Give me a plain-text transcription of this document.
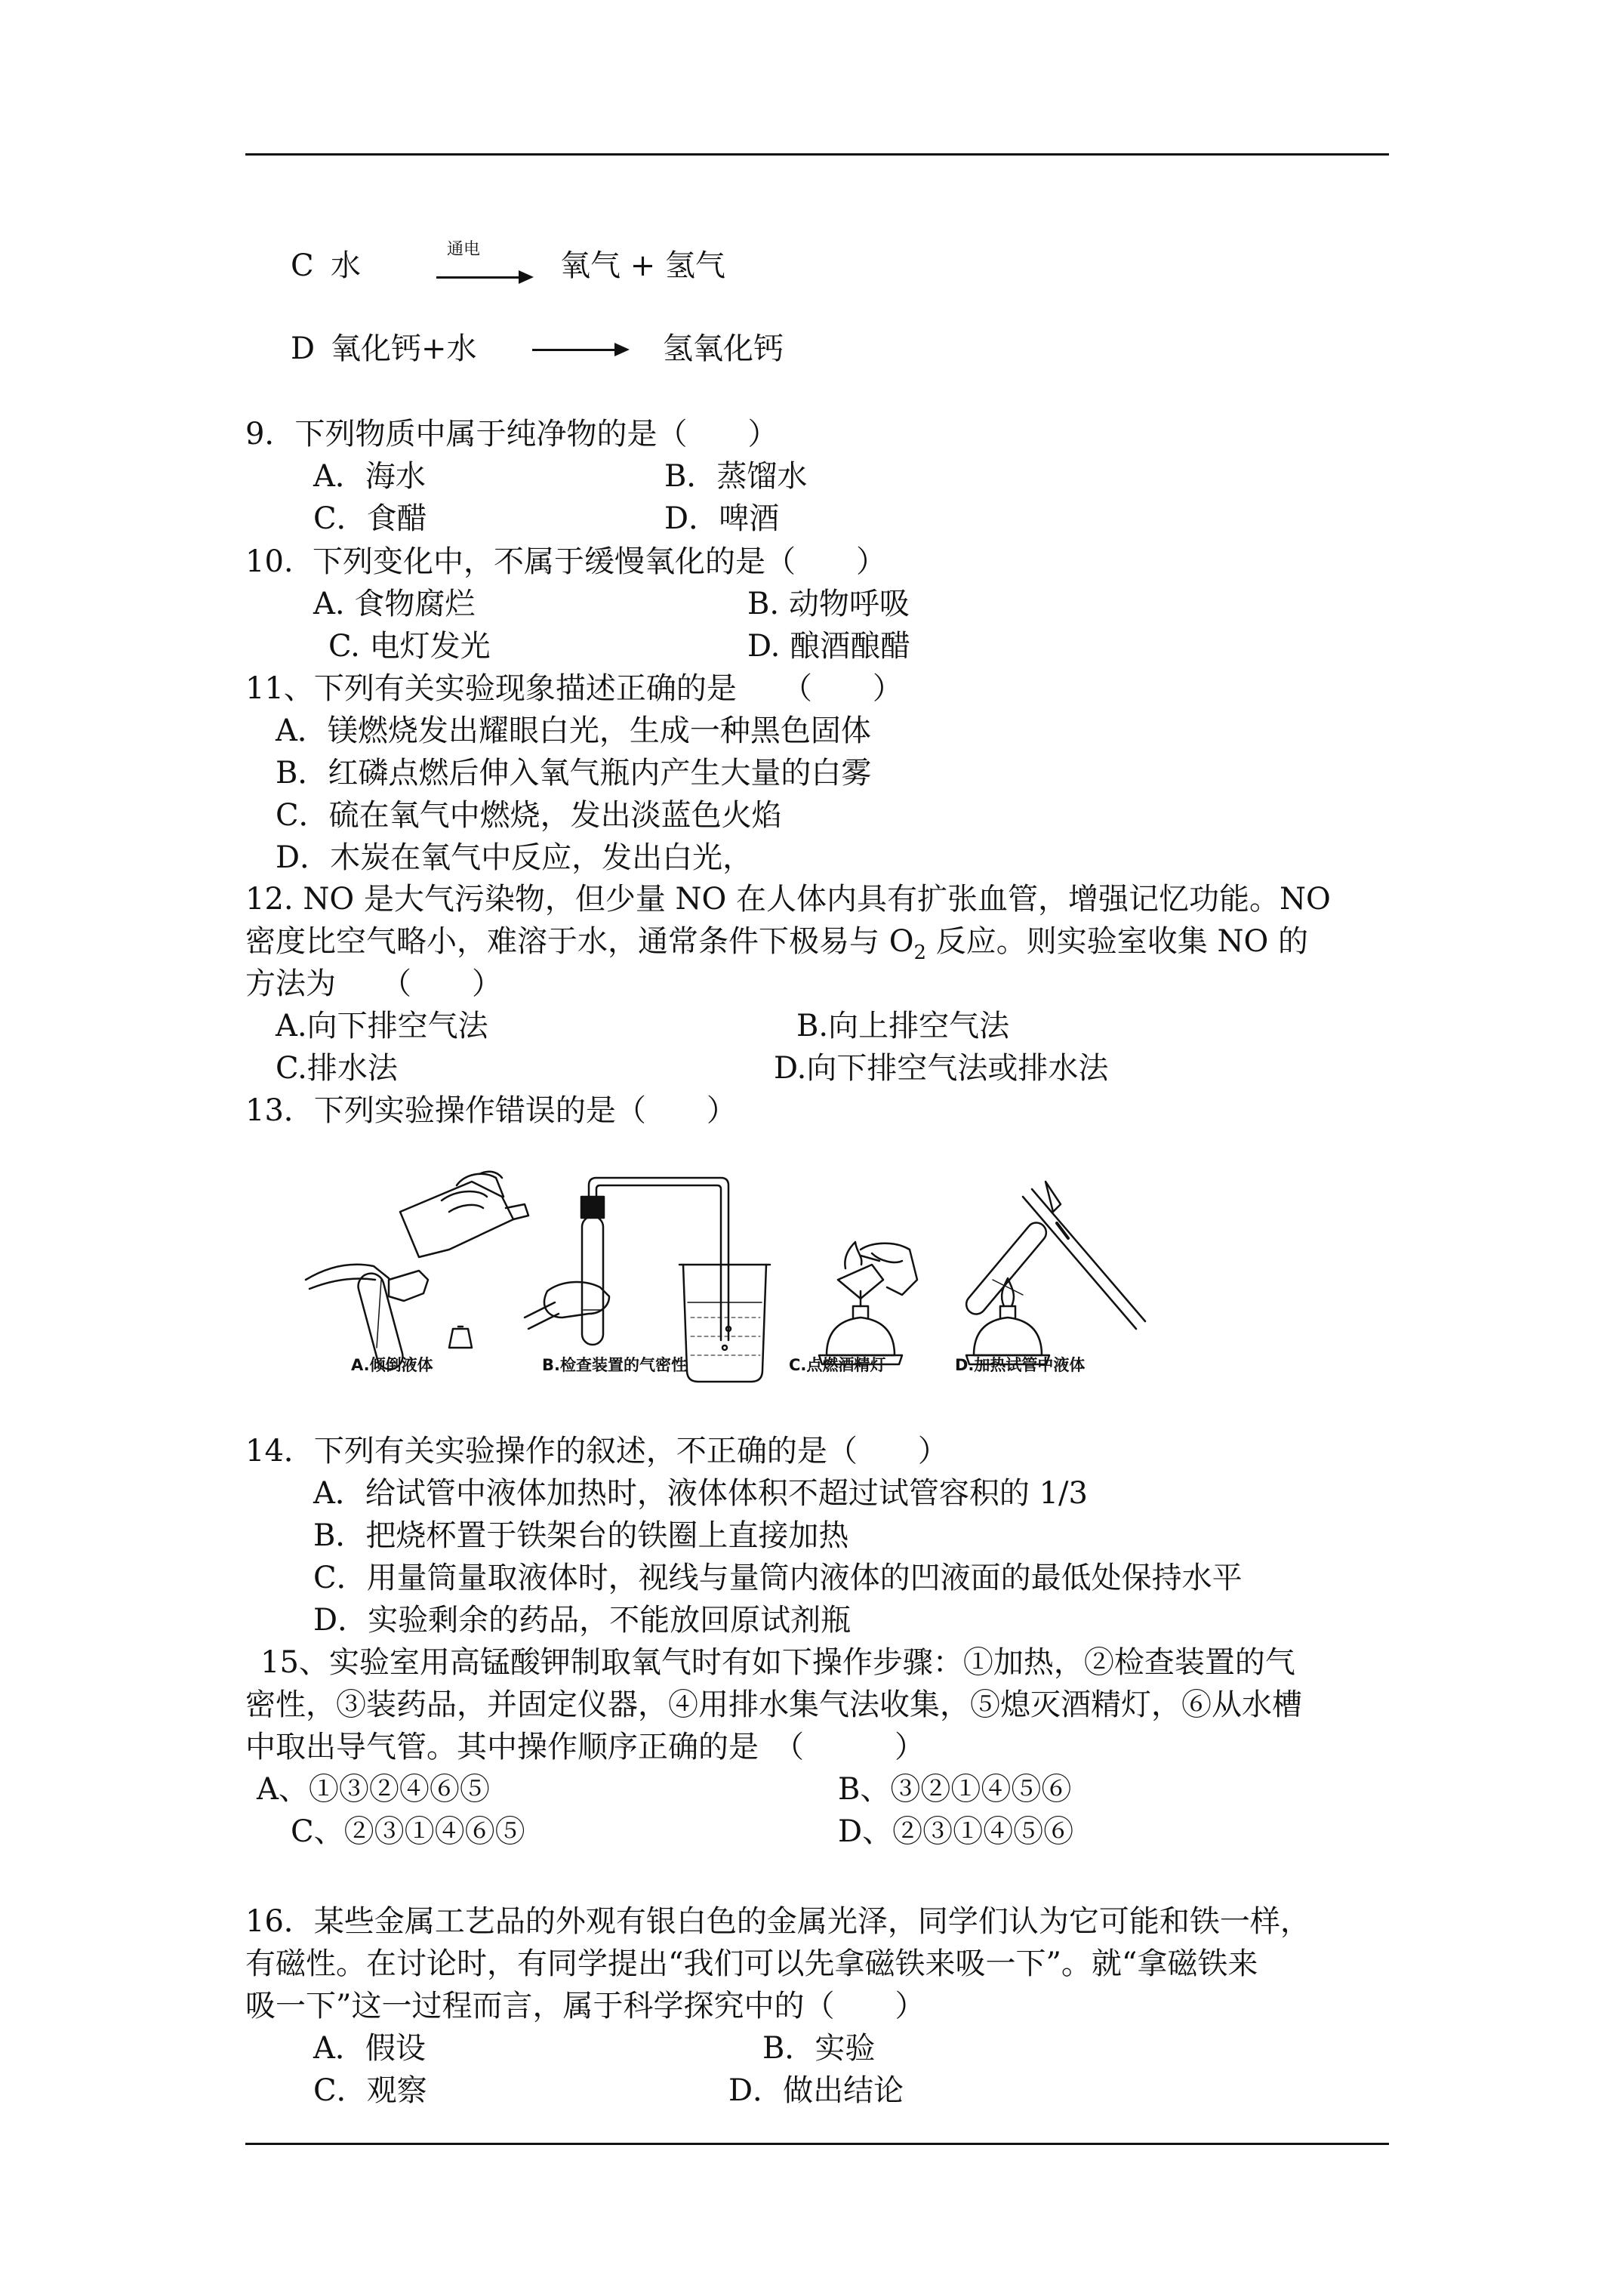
C 水	通电	氧气 + 氢气
D 氧化钙+水	氢氧化钙
9．下列物质中属于纯净物的是（　　）
A．海水	B．蒸馏水
C．食醋	D．啤酒
10.  下列变化中，不属于缓慢氧化的是（　　）
A. 食物腐烂	B. 动物呼吸
C. 电灯发光	D. 酿酒酿醋
11、下列有关实验现象描述正确的是　　（　　）
A．镁燃烧发出耀眼白光，生成一种黑色固体
B．红磷点燃后伸入氧气瓶内产生大量的白雾
C．硫在氧气中燃烧，发出淡蓝色火焰
D．木炭在氧气中反应，发出白光，
12. NO 是大气污染物，但少量 NO 在人体内具有扩张血管，增强记忆功能。NO
密度比空气略小，难溶于水，通常条件下极易与 $O_2$ 反应。则实验室收集 NO 的
方法为　　（　　）
A.向下排空气法	B.向上排空气法
C.排水法	D.向下排空气法或排水法
13．下列实验操作错误的是（　　）
A.倾倒液体	B.检查装置的气密性	C.点燃酒精灯	D.加热试管中液体
14．下列有关实验操作的叙述，不正确的是（　　）
A．给试管中液体加热时，液体体积不超过试管容积的 1/3
B．把烧杯置于铁架台的铁圈上直接加热
C．用量筒量取液体时，视线与量筒内液体的凹液面的最低处保持水平
D．实验剩余的药品，不能放回原试剂瓶
15、实验室用高锰酸钾制取氧气时有如下操作步骤：①加热，②检查装置的气
密性，③装药品，并固定仪器，④用排水集气法收集，⑤熄灭酒精灯，⑥从水槽
中取出导气管。其中操作顺序正确的是　（　　　）
A、①③②④⑥⑤	B、③②①④⑤⑥
C、②③①④⑥⑤	D、②③①④⑤⑥
16．某些金属工艺品的外观有银白色的金属光泽，同学们认为它可能和铁一样，
有磁性。在讨论时，有同学提出“我们可以先拿磁铁来吸一下”。就“拿磁铁来
吸一下”这一过程而言，属于科学探究中的（　　）
A．假设	B．实验
C．观察	D．做出结论
